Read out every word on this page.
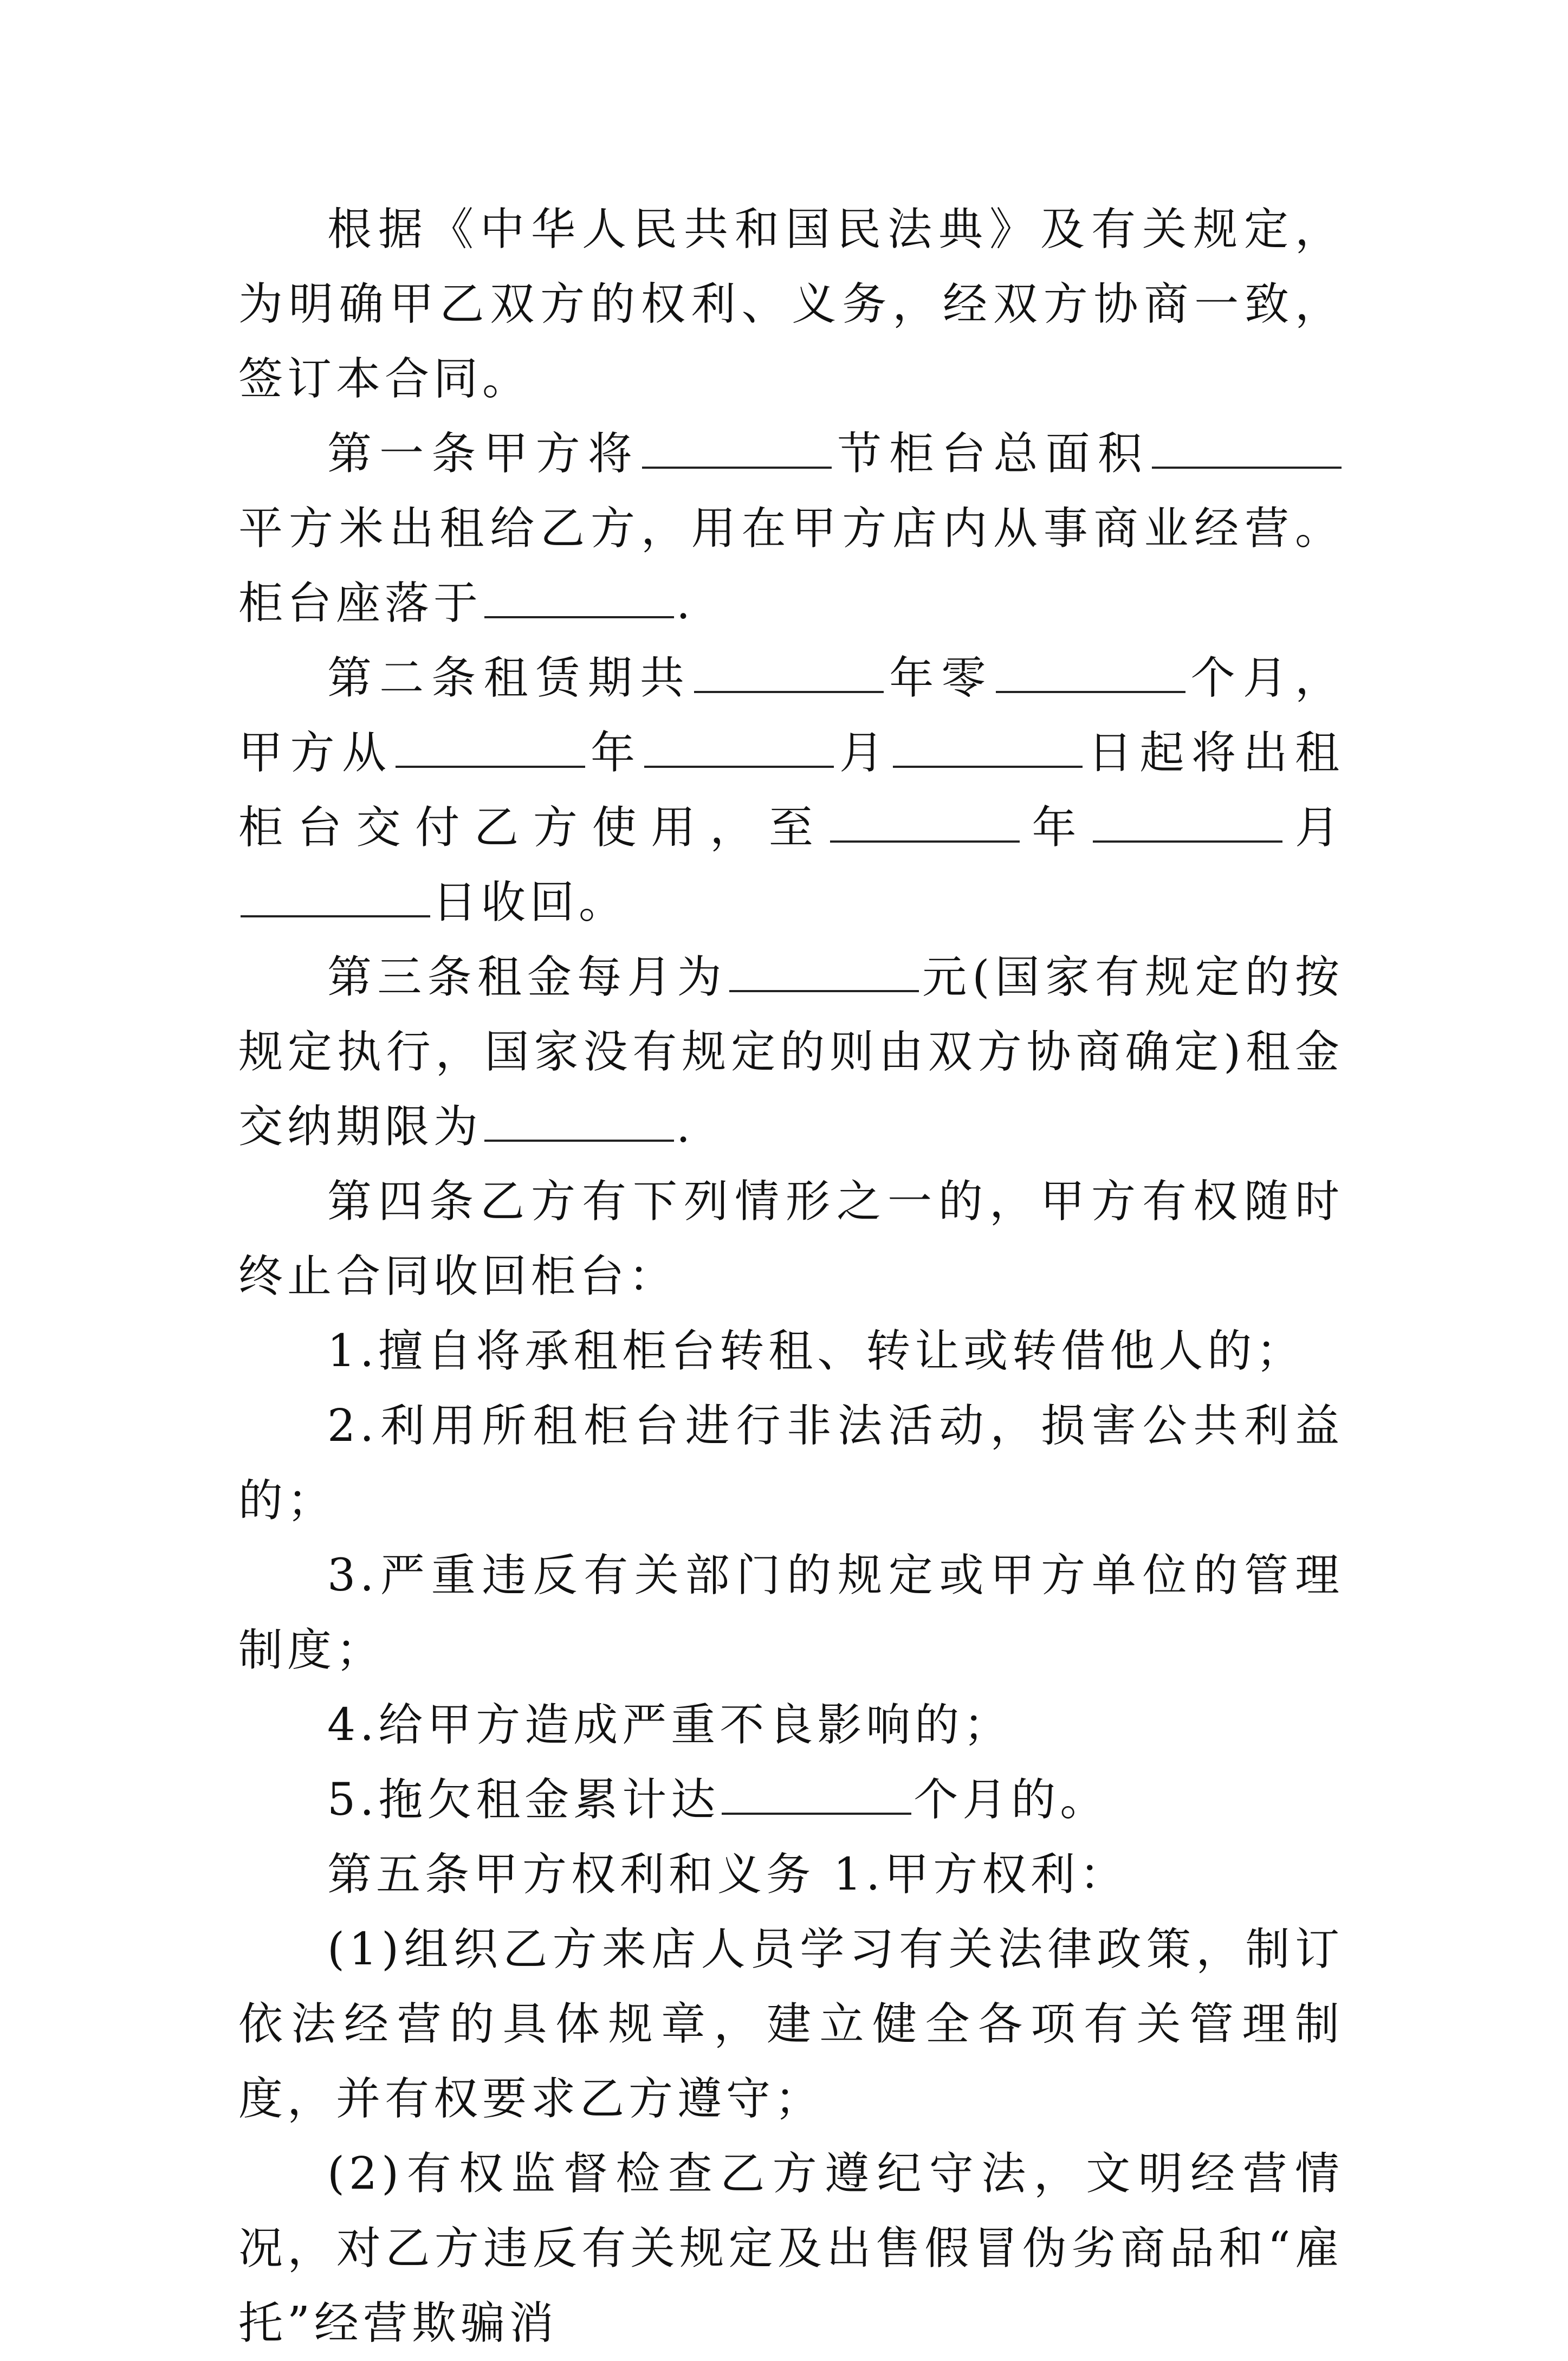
根据《中华人民共和国民法典》及有关规定，为明确甲乙双方的权利、义务，经双方协商一致，签订本合同。

第一条甲方将	节柜台总面积平方米出租给乙方，用在甲方店内从事商业经营。柜台座落于	.

第二条租赁期共	年零	个月，甲方从	年	月	日起将出租柜台交付乙方使用，至	年	月日收回。

第三条租金每月为	元(国家有规定的按规定执行，国家没有规定的则由双方协商确定)租金交纳期限为	.

第四条乙方有下列情形之一的，甲方有权随时终止合同收回柜台：

1.擅自将承租柜台转租、转让或转借他人的；

2.利用所租柜台进行非法活动，损害公共利益的；

3.严重违反有关部门的规定或甲方单位的管理制度；

4.给甲方造成严重不良影响的；

5.拖欠租金累计达	个月的。

第五条甲方权利和义务 1.甲方权利：

(1)组织乙方来店人员学习有关法律政策，制订依法经营的具体规章，建立健全各项有关管理制度，并有权要求乙方遵守；

(2)有权监督检查乙方遵纪守法，文明经营情况，对乙方违反有关规定及出售假冒伪劣商品和“雇托”经营欺骗消
